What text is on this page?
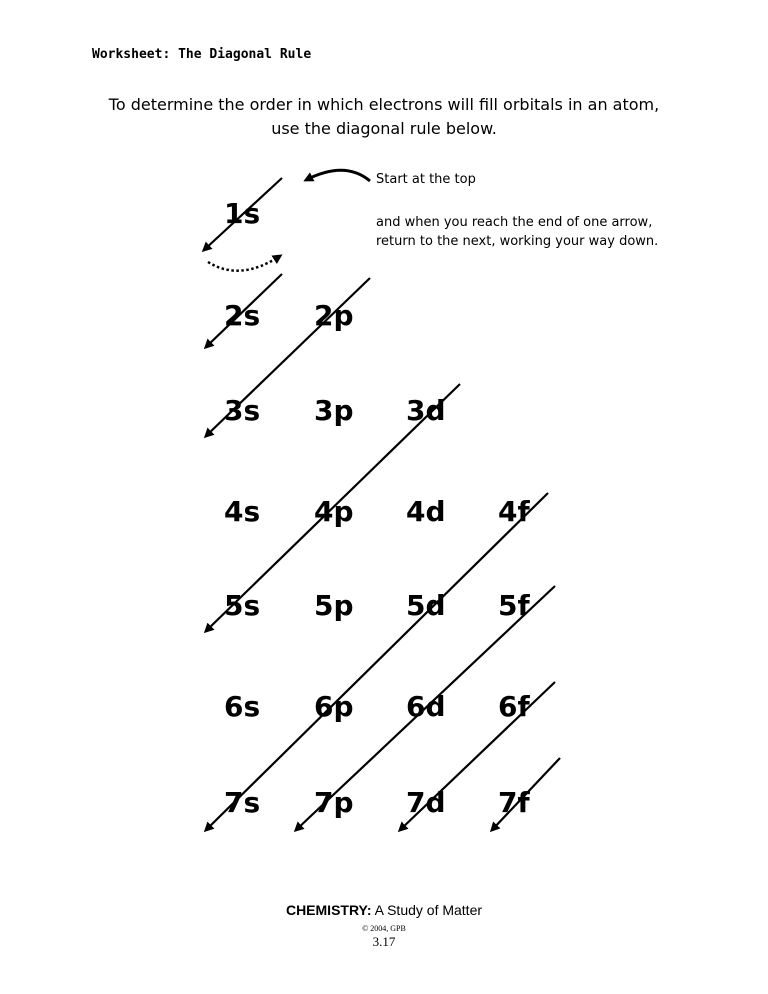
Worksheet: The Diagonal Rule
To determine the order in which electrons will fill orbitals in an atom,
use the diagonal rule below.
Start at the top
and when you reach the end of one arrow,
return to the next, working your way down.
1s
2s 2p
3s 3p 3d
4s 4p 4d 4f
5s 5p 5d 5f
6s 6p 6d 6f
7s 7p 7d 7f
CHEMISTRY: A Study of Matter
© 2004, GPB
3.17
